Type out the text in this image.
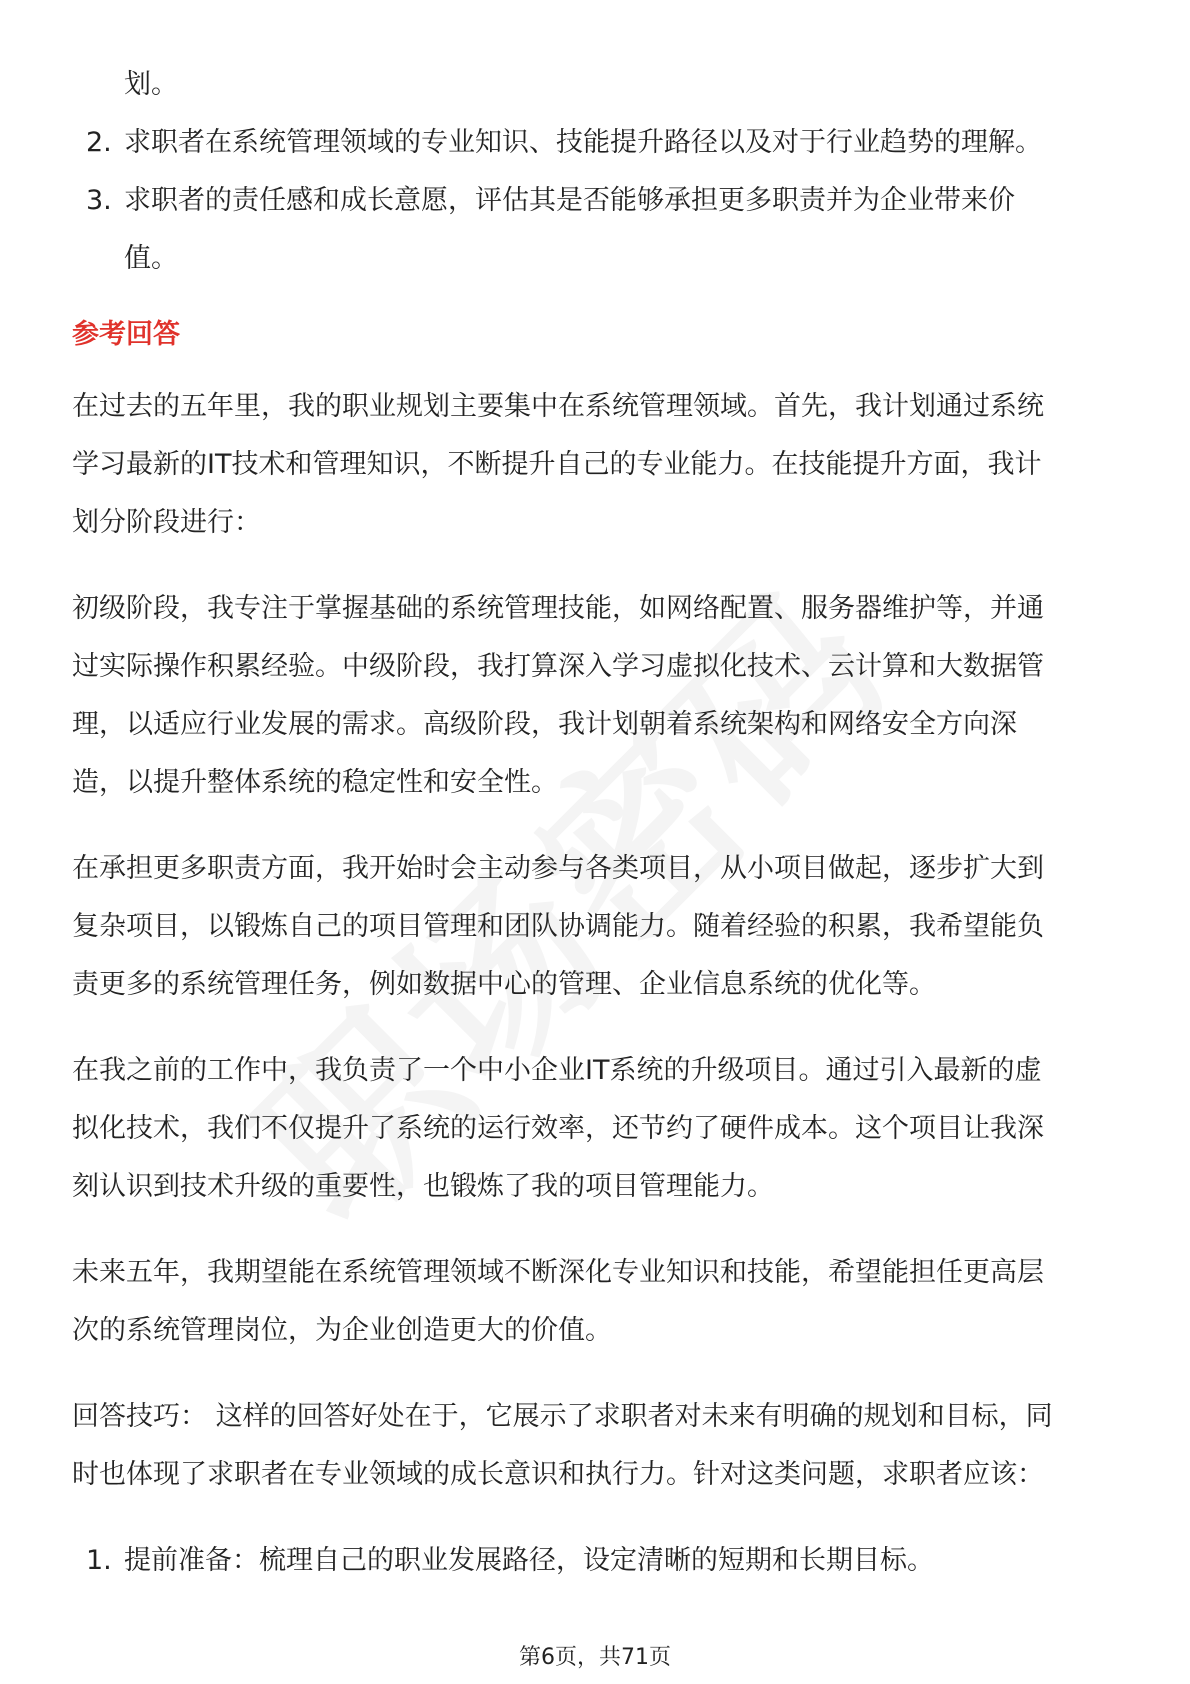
划。

2. 求职者在系统管理领域的专业知识、技能提升路径以及对于行业趋势的理解。

3. 求职者的责任感和成长意愿，评估其是否能够承担更多职责并为企业带来价

值。

参考回答

在过去的五年里，我的职业规划主要集中在系统管理领域。首先，我计划通过系统

学习最新的IT技术和管理知识，不断提升自己的专业能力。在技能提升方面，我计

划分阶段进行：

初级阶段，我专注于掌握基础的系统管理技能，如网络配置、服务器维护等，并通

过实际操作积累经验。中级阶段，我打算深入学习虚拟化技术、云计算和大数据管

理，以适应行业发展的需求。高级阶段，我计划朝着系统架构和网络安全方向深

造，以提升整体系统的稳定性和安全性。

在承担更多职责方面，我开始时会主动参与各类项目，从小项目做起，逐步扩大到

复杂项目，以锻炼自己的项目管理和团队协调能力。随着经验的积累，我希望能负

责更多的系统管理任务，例如数据中心的管理、企业信息系统的优化等。

在我之前的工作中，我负责了一个中小企业IT系统的升级项目。通过引入最新的虚

拟化技术，我们不仅提升了系统的运行效率，还节约了硬件成本。这个项目让我深

刻认识到技术升级的重要性，也锻炼了我的项目管理能力。

未来五年，我期望能在系统管理领域不断深化专业知识和技能，希望能担任更高层

次的系统管理岗位，为企业创造更大的价值。

回答技巧： 这样的回答好处在于，它展示了求职者对未来有明确的规划和目标，同

时也体现了求职者在专业领域的成长意识和执行力。针对这类问题，求职者应该：

1. 提前准备：梳理自己的职业发展路径，设定清晰的短期和长期目标。

第6页，共71页
